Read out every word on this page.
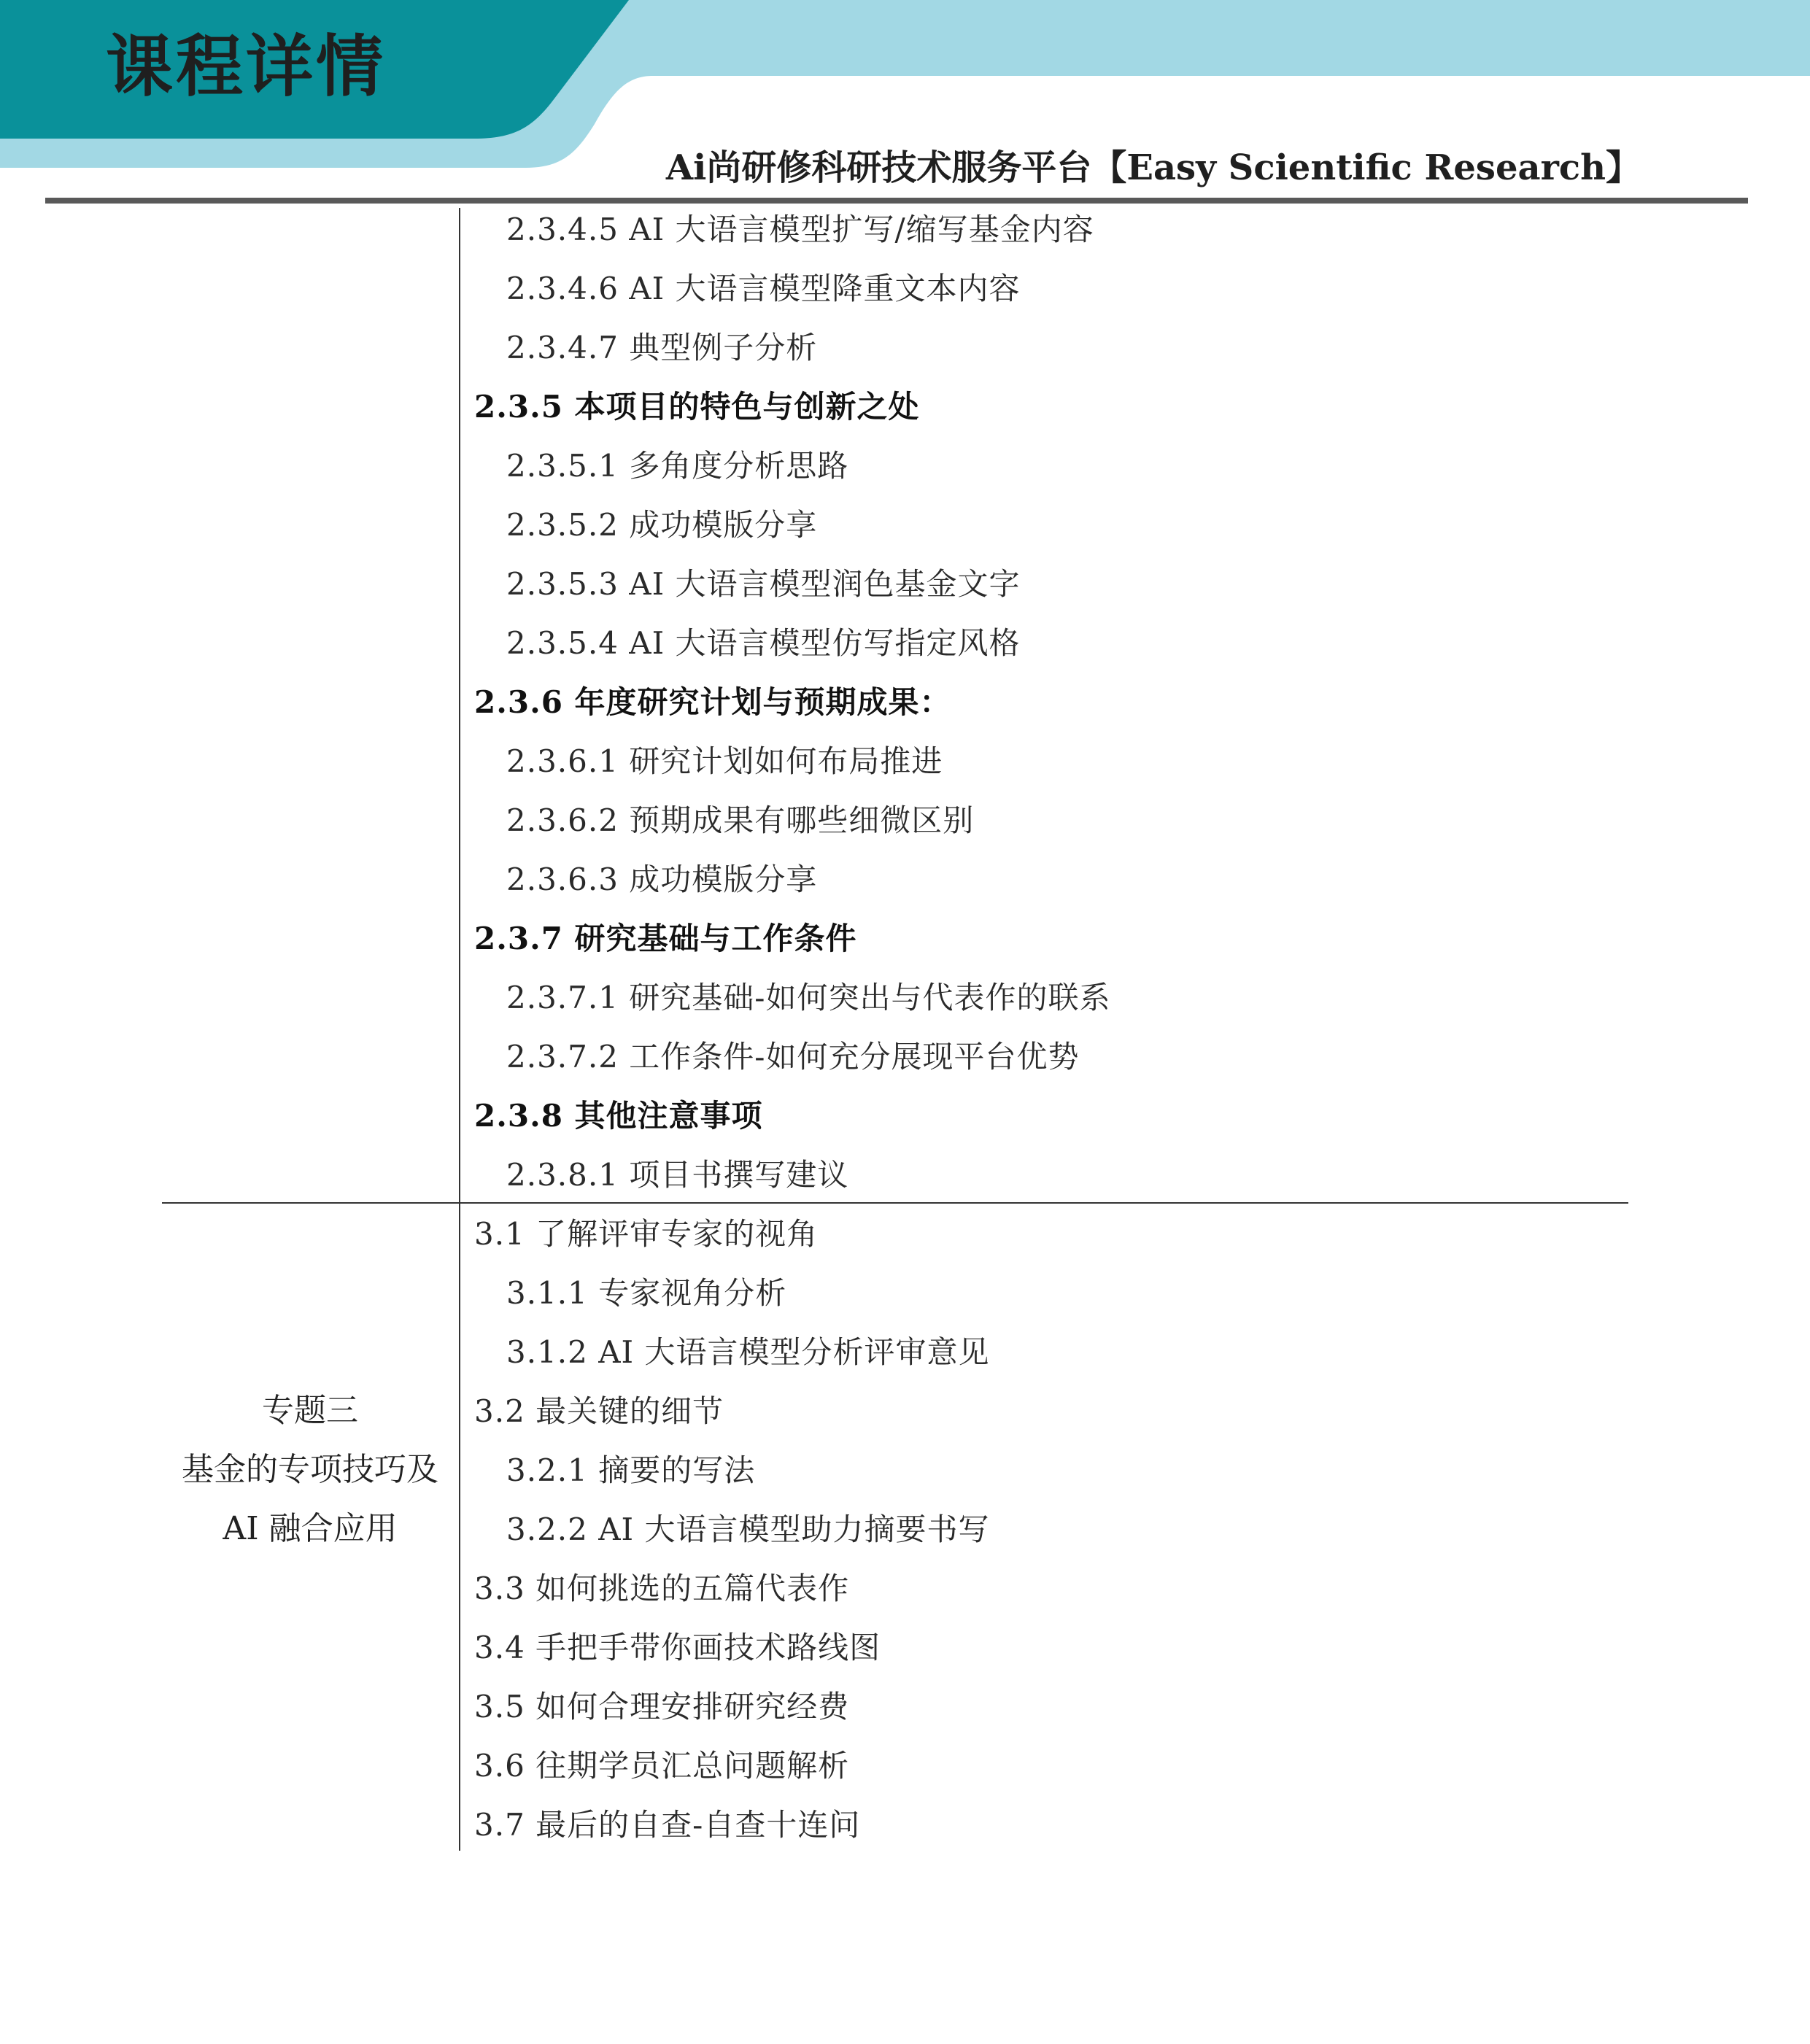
课程详情
Ai尚研修科研技术服务平台【Easy Scientific Research】
专题三
基金的专项技巧及
AI 融合应用
2.3.4.5 AI 大语言模型扩写/缩写基金内容
2.3.4.6 AI 大语言模型降重文本内容
2.3.4.7 典型例子分析
2.3.5 本项目的特色与创新之处
2.3.5.1 多角度分析思路
2.3.5.2 成功模版分享
2.3.5.3 AI 大语言模型润色基金文字
2.3.5.4 AI 大语言模型仿写指定风格
2.3.6 年度研究计划与预期成果：
2.3.6.1 研究计划如何布局推进
2.3.6.2 预期成果有哪些细微区别
2.3.6.3 成功模版分享
2.3.7 研究基础与工作条件
2.3.7.1 研究基础-如何突出与代表作的联系
2.3.7.2 工作条件-如何充分展现平台优势
2.3.8 其他注意事项
2.3.8.1 项目书撰写建议
3.1 了解评审专家的视角
3.1.1 专家视角分析
3.1.2 AI 大语言模型分析评审意见
3.2 最关键的细节
3.2.1 摘要的写法
3.2.2 AI 大语言模型助力摘要书写
3.3 如何挑选的五篇代表作
3.4 手把手带你画技术路线图
3.5 如何合理安排研究经费
3.6 往期学员汇总问题解析
3.7 最后的自查-自查十连问
